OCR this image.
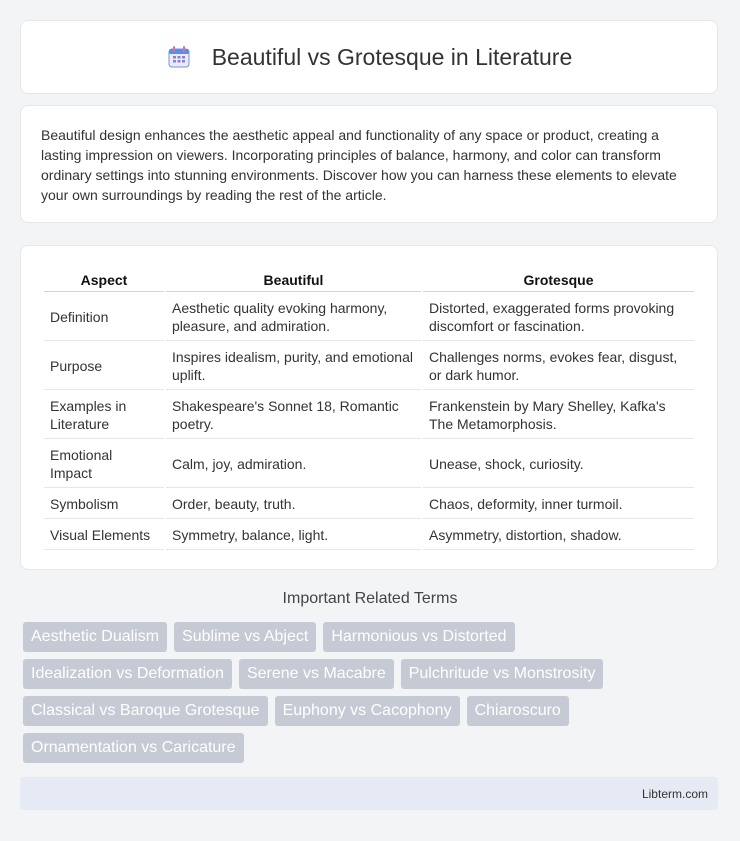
Beautiful vs Grotesque in Literature

Beautiful design enhances the aesthetic appeal and functionality of any space or product, creating a lasting impression on viewers. Incorporating principles of balance, harmony, and color can transform ordinary settings into stunning environments. Discover how you can harness these elements to elevate your own surroundings by reading the rest of the article.

Aspect	Beautiful	Grotesque
Definition	Aesthetic quality evoking harmony, pleasure, and admiration.	Distorted, exaggerated forms provoking discomfort or fascination.
Purpose	Inspires idealism, purity, and emotional uplift.	Challenges norms, evokes fear, disgust, or dark humor.
Examples in Literature	Shakespeare's Sonnet 18, Romantic poetry.	Frankenstein by Mary Shelley, Kafka's The Metamorphosis.
Emotional Impact	Calm, joy, admiration.	Unease, shock, curiosity.
Symbolism	Order, beauty, truth.	Chaos, deformity, inner turmoil.
Visual Elements	Symmetry, balance, light.	Asymmetry, distortion, shadow.
Important Related Terms
Aesthetic Dualism	Sublime vs Abject	Harmonious vs Distorted
Idealization vs Deformation	Serene vs Macabre	Pulchritude vs Monstrosity
Classical vs Baroque Grotesque	Euphony vs Cacophony	Chiaroscuro
Ornamentation vs Caricature
Libterm.com
